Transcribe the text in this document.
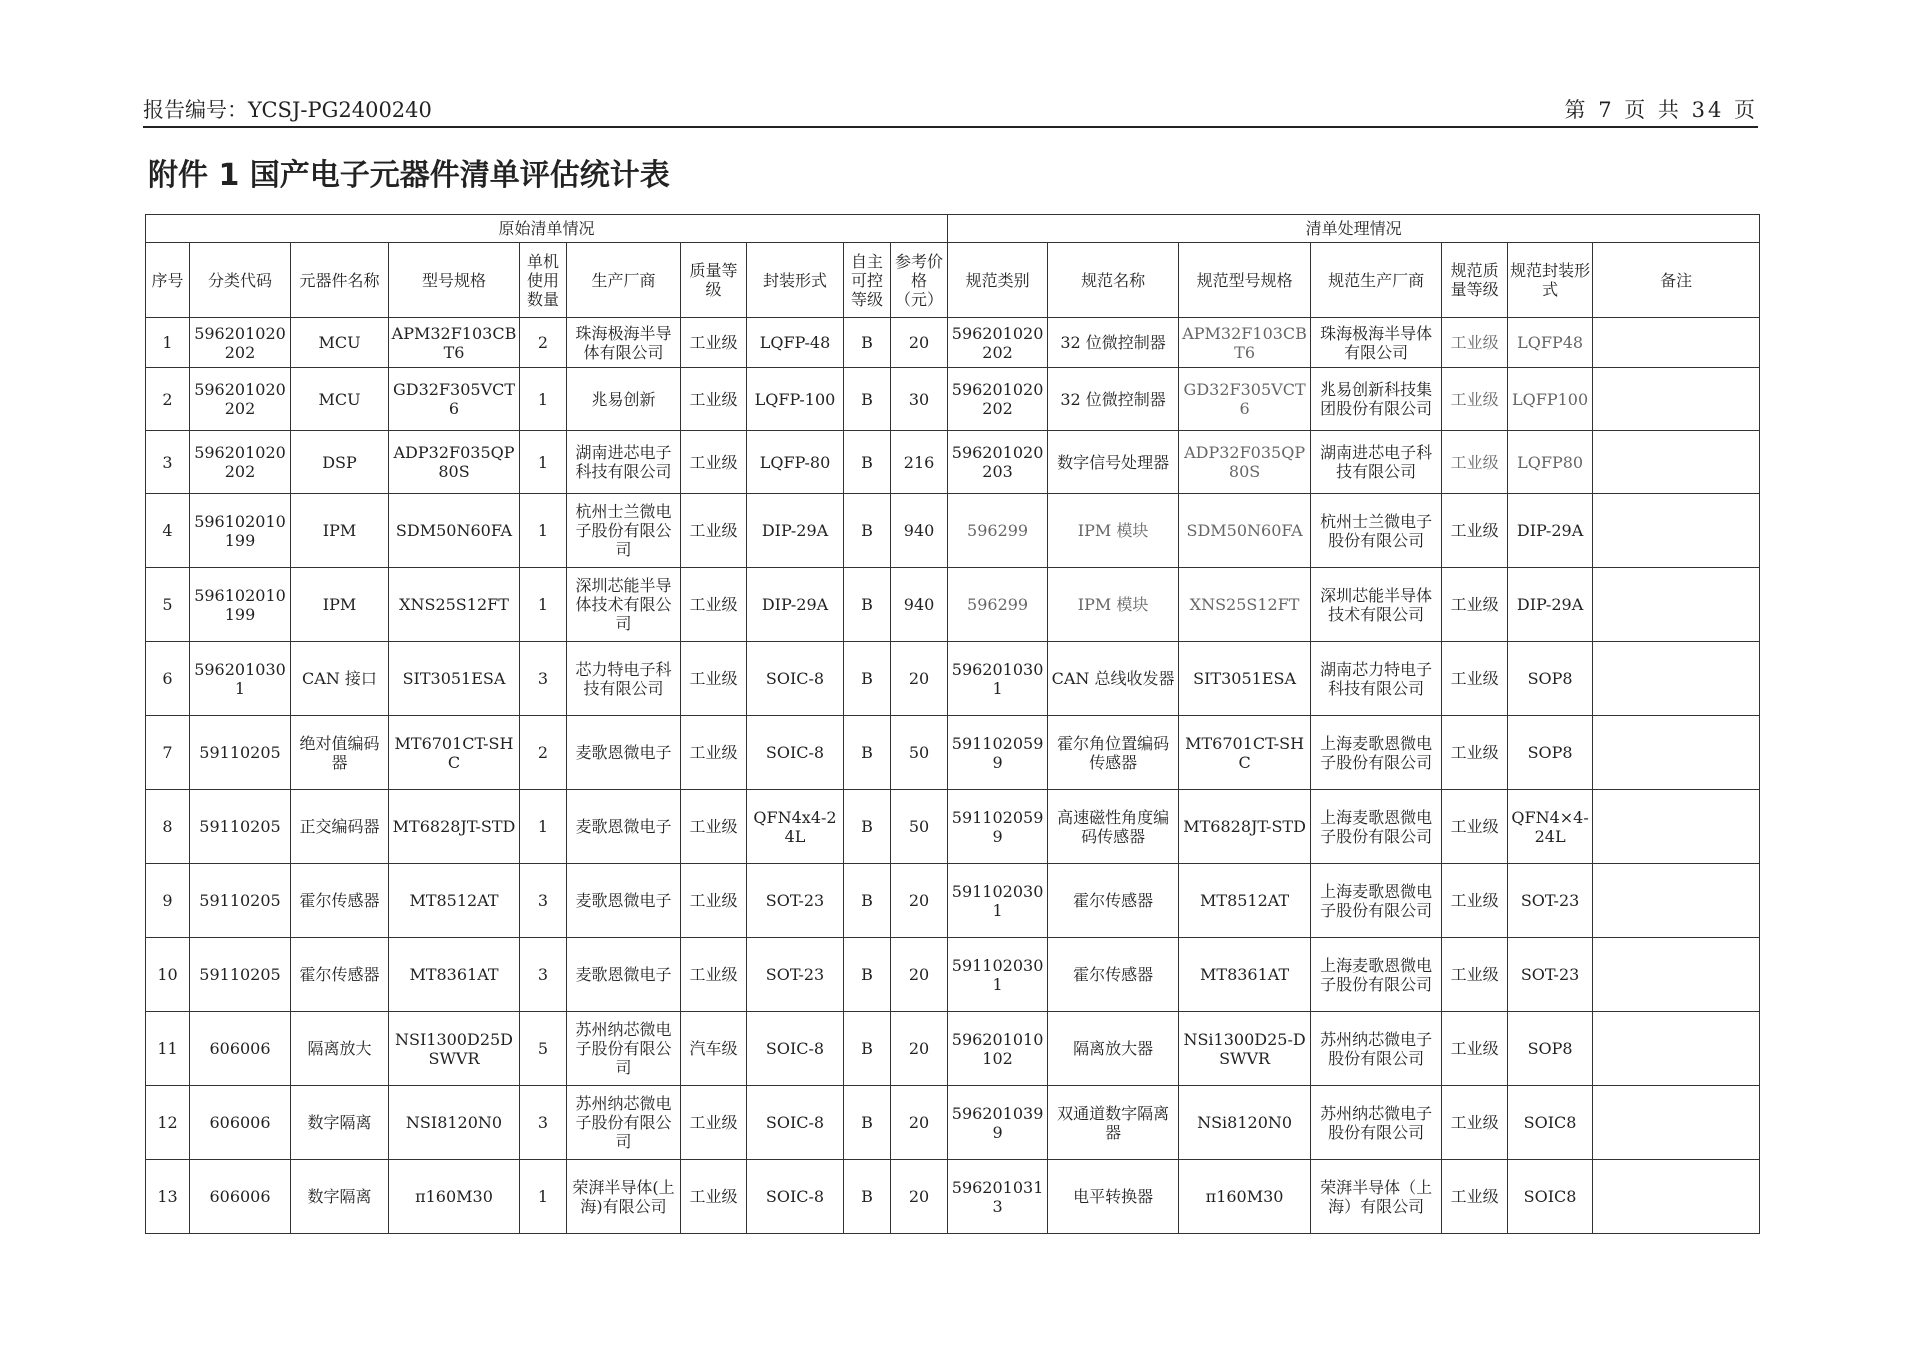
报告编号：YCSJ-PG2400240	第 7 页 共 34 页
附件 1 国产电子元器件清单评估统计表
原始清单情况										清单处理情况						
序号	分类代码	元器件名称	型号规格	单机使用数量	生产厂商	质量等级	封装形式	自主可控等级	参考价格（元）	规范类别	规范名称	规范型号规格	规范生产厂商	规范质量等级	规范封装形式	备注
1	596201020202	MCU	APM32F103CBT6	2	珠海极海半导体有限公司	工业级	LQFP-48	B	20	596201020202	32 位微控制器	APM32F103CBT6	珠海极海半导体有限公司	工业级	LQFP48	
2	596201020202	MCU	GD32F305VCT6	1	兆易创新	工业级	LQFP-100	B	30	596201020202	32 位微控制器	GD32F305VCT6	兆易创新科技集团股份有限公司	工业级	LQFP100	
3	596201020202	DSP	ADP32F035QP80S	1	湖南进芯电子科技有限公司	工业级	LQFP-80	B	216	596201020203	数字信号处理器	ADP32F035QP80S	湖南进芯电子科技有限公司	工业级	LQFP80	
4	596102010199	IPM	SDM50N60FA	1	杭州士兰微电子股份有限公司	工业级	DIP-29A	B	940	596299	IPM 模块	SDM50N60FA	杭州士兰微电子股份有限公司	工业级	DIP-29A	
5	596102010199	IPM	XNS25S12FT	1	深圳芯能半导体技术有限公司	工业级	DIP-29A	B	940	596299	IPM 模块	XNS25S12FT	深圳芯能半导体技术有限公司	工业级	DIP-29A	
6	5962010301	CAN 接口	SIT3051ESA	3	芯力特电子科技有限公司	工业级	SOIC-8	B	20	5962010301	CAN 总线收发器	SIT3051ESA	湖南芯力特电子科技有限公司	工业级	SOP8	
7	59110205	绝对值编码器	MT6701CT-SHC	2	麦歌恩微电子	工业级	SOIC-8	B	50	5911020599	霍尔角位置编码传感器	MT6701CT-SHC	上海麦歌恩微电子股份有限公司	工业级	SOP8	
8	59110205	正交编码器	MT6828JT-STD	1	麦歌恩微电子	工业级	QFN4x4-24L	B	50	5911020599	高速磁性角度编码传感器	MT6828JT-STD	上海麦歌恩微电子股份有限公司	工业级	QFN4×4-24L	
9	59110205	霍尔传感器	MT8512AT	3	麦歌恩微电子	工业级	SOT-23	B	20	5911020301	霍尔传感器	MT8512AT	上海麦歌恩微电子股份有限公司	工业级	SOT-23	
10	59110205	霍尔传感器	MT8361AT	3	麦歌恩微电子	工业级	SOT-23	B	20	5911020301	霍尔传感器	MT8361AT	上海麦歌恩微电子股份有限公司	工业级	SOT-23	
11	606006	隔离放大	NSI1300D25DSWVR	5	苏州纳芯微电子股份有限公司	汽车级	SOIC-8	B	20	596201010102	隔离放大器	NSi1300D25-DSWVR	苏州纳芯微电子股份有限公司	工业级	SOP8	
12	606006	数字隔离	NSI8120N0	3	苏州纳芯微电子股份有限公司	工业级	SOIC-8	B	20	5962010399	双通道数字隔离器	NSi8120N0	苏州纳芯微电子股份有限公司	工业级	SOIC8	
13	606006	数字隔离	π160M30	1	荣湃半导体(上海)有限公司	工业级	SOIC-8	B	20	5962010313	电平转换器	π160M30	荣湃半导体（上海）有限公司	工业级	SOIC8	
